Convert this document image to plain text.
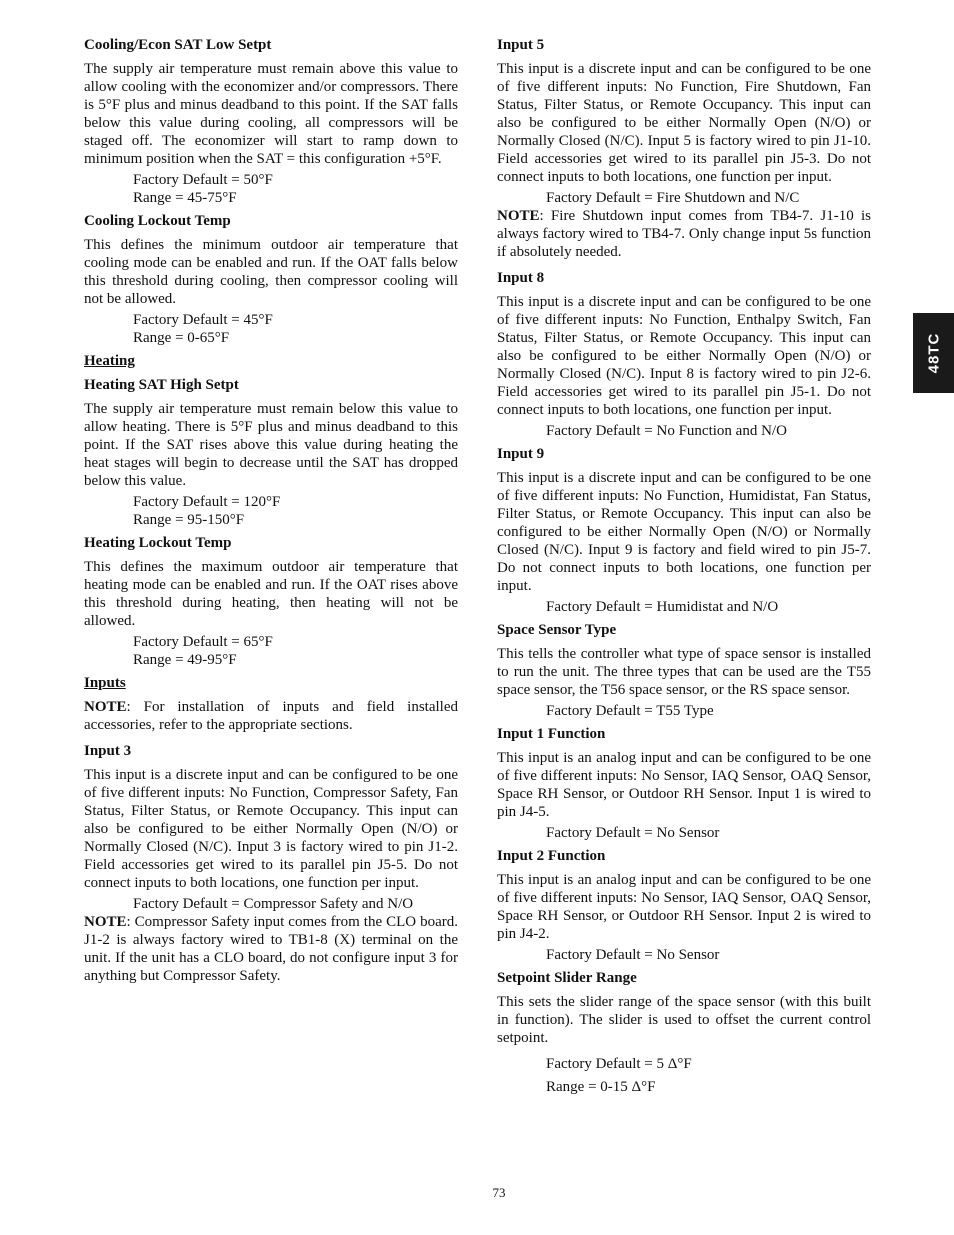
Cooling/Econ SAT Low Setpt
The supply air temperature must remain above this value to allow cooling with the economizer and/or compressors. There is 5°F plus and minus deadband to this point. If the SAT falls below this value during cooling, all compressors will be staged off. The economizer will start to ramp down to minimum position when the SAT = this configuration +5°F.
Factory Default = 50°F
Range = 45-75°F
Cooling Lockout Temp
This defines the minimum outdoor air temperature that cooling mode can be enabled and run. If the OAT falls below this threshold during cooling, then compressor cooling will not be allowed.
Factory Default = 45°F
Range = 0-65°F
Heating
Heating SAT High Setpt
The supply air temperature must remain below this value to allow heating. There is 5°F plus and minus deadband to this point. If the SAT rises above this value during heating the heat stages will begin to decrease until the SAT has dropped below this value.
Factory Default = 120°F
Range = 95-150°F
Heating Lockout Temp
This defines the maximum outdoor air temperature that heating mode can be enabled and run. If the OAT rises above this threshold during heating, then heating will not be allowed.
Factory Default = 65°F
Range = 49-95°F
Inputs
NOTE: For installation of inputs and field installed accessories, refer to the appropriate sections.
Input 3
This input is a discrete input and can be configured to be one of five different inputs: No Function, Compressor Safety, Fan Status, Filter Status, or Remote Occupancy. This input can also be configured to be either Normally Open (N/O) or Normally Closed (N/C). Input 3 is factory wired to pin J1-2. Field accessories get wired to its parallel pin J5-5. Do not connect inputs to both locations, one function per input.
Factory Default = Compressor Safety and N/O
NOTE: Compressor Safety input comes from the CLO board. J1-2 is always factory wired to TB1-8 (X) terminal on the unit. If the unit has a CLO board, do not configure input 3 for anything but Compressor Safety.
Input 5
This input is a discrete input and can be configured to be one of five different inputs: No Function, Fire Shutdown, Fan Status, Filter Status, or Remote Occupancy. This input can also be configured to be either Normally Open (N/O) or Normally Closed (N/C). Input 5 is factory wired to pin J1-10. Field accessories get wired to its parallel pin J5-3. Do not connect inputs to both locations, one function per input.
Factory Default = Fire Shutdown and N/C
NOTE: Fire Shutdown input comes from TB4-7. J1-10 is always factory wired to TB4-7. Only change input 5s function if absolutely needed.
Input 8
This input is a discrete input and can be configured to be one of five different inputs: No Function, Enthalpy Switch, Fan Status, Filter Status, or Remote Occupancy. This input can also be configured to be either Normally Open (N/O) or Normally Closed (N/C). Input 8 is factory wired to pin J2-6. Field accessories get wired to its parallel pin J5-1. Do not connect inputs to both locations, one function per input.
Factory Default = No Function and N/O
Input 9
This input is a discrete input and can be configured to be one of five different inputs: No Function, Humidistat, Fan Status, Filter Status, or Remote Occupancy. This input can also be configured to be either Normally Open (N/O) or Normally Closed (N/C). Input 9 is factory and field wired to pin J5-7. Do not connect inputs to both locations, one function per input.
Factory Default = Humidistat and N/O
Space Sensor Type
This tells the controller what type of space sensor is installed to run the unit. The three types that can be used are the T55 space sensor, the T56 space sensor, or the RS space sensor.
Factory Default = T55 Type
Input 1 Function
This input is an analog input and can be configured to be one of five different inputs: No Sensor, IAQ Sensor, OAQ Sensor, Space RH Sensor, or Outdoor RH Sensor. Input 1 is wired to pin J4-5.
Factory Default = No Sensor
Input 2 Function
This input is an analog input and can be configured to be one of five different inputs: No Sensor, IAQ Sensor, OAQ Sensor, Space RH Sensor, or Outdoor RH Sensor. Input 2 is wired to pin J4-2.
Factory Default = No Sensor
Setpoint Slider Range
This sets the slider range of the space sensor (with this built in function). The slider is used to offset the current control setpoint.
Factory Default = 5 Δ°F
Range = 0-15 Δ°F
48TC
73
